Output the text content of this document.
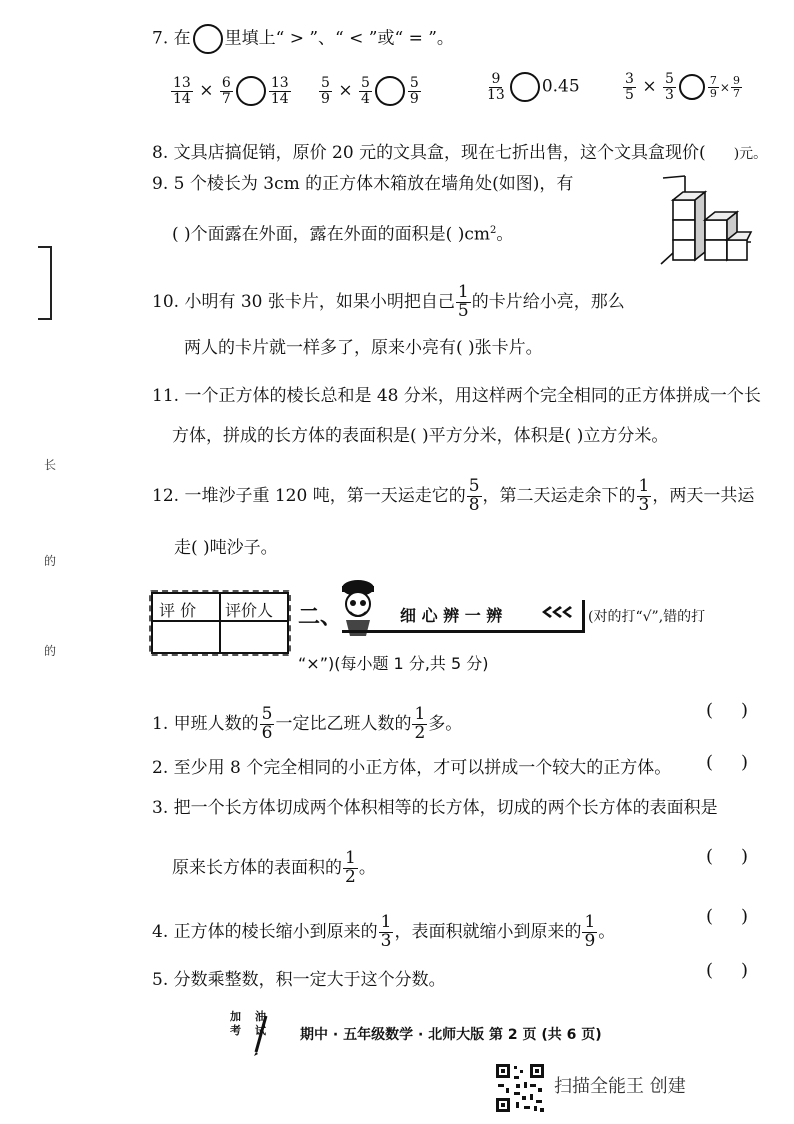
长
的
的
7. 在 里填上“ > ”、“ < ”或“ = ”。
$\frac{13}{14} \times \frac{6}{7}$	$\frac{13}{14} \frac{5}{9} \times \frac{5}{4}$	$\frac{5}{9}$	$\frac{9}{13} 0.45$	$\frac{3}{5} \times \frac{5}{3}$	$\frac{7}{9} \times \frac{9}{7}$
8. 文具店搞促销，原价 20 元的文具盒，现在七折出售，这个文具盒现价( )元。
9. 5 个棱长为 3cm 的正方体木箱放在墙角处(如图)，有
( )个面露在外面，露在外面的面积是( )$cm^2$。
10. 小明有 30 张卡片，如果小明把自己 $\frac{1}{5}$ 的卡片给小亮，那么
两人的卡片就一样多了，原来小亮有( )张卡片。
11. 一个正方体的棱长总和是 48 分米，用这样两个完全相同的正方体拼成一个长
方体，拼成的长方体的表面积是( )平方分米，体积是( )立方分米。
12. 一堆沙子重 120 吨，第一天运走它的 $\frac{5}{8}$ ，第二天运走余下的 $\frac{1}{3}$ ，两天一共运
走( )吨沙子。
评 价 评价人 二、	细 心 辨 一 辨	(对的打“√”,错的打
“×”)(每小题 1 分,共 5 分)
1. 甲班人数的 $\frac{5}{6}$ 一定比乙班人数的 $\frac{1}{2}$ 多。
( )
2. 至少用 8 个完全相同的小正方体，才可以拼成一个较大的正方体。 ( )
3. 把一个长方体切成两个体积相等的长方体，切成的两个长方体的表面积是
原来长方体的表面积的 $\frac{1}{2}$ 。
( )
4. 正方体的棱长缩小到原来的 $\frac{1}{3}$ ，表面积就缩小到原来的 $\frac{1}{9}$ 。
( )
5. 分数乘整数，积一定大于这个分数。	( )
加油考试	期中 · 五年级数学 · 北师大版 第 2 页 (共 6 页)
扫描全能王 创建
